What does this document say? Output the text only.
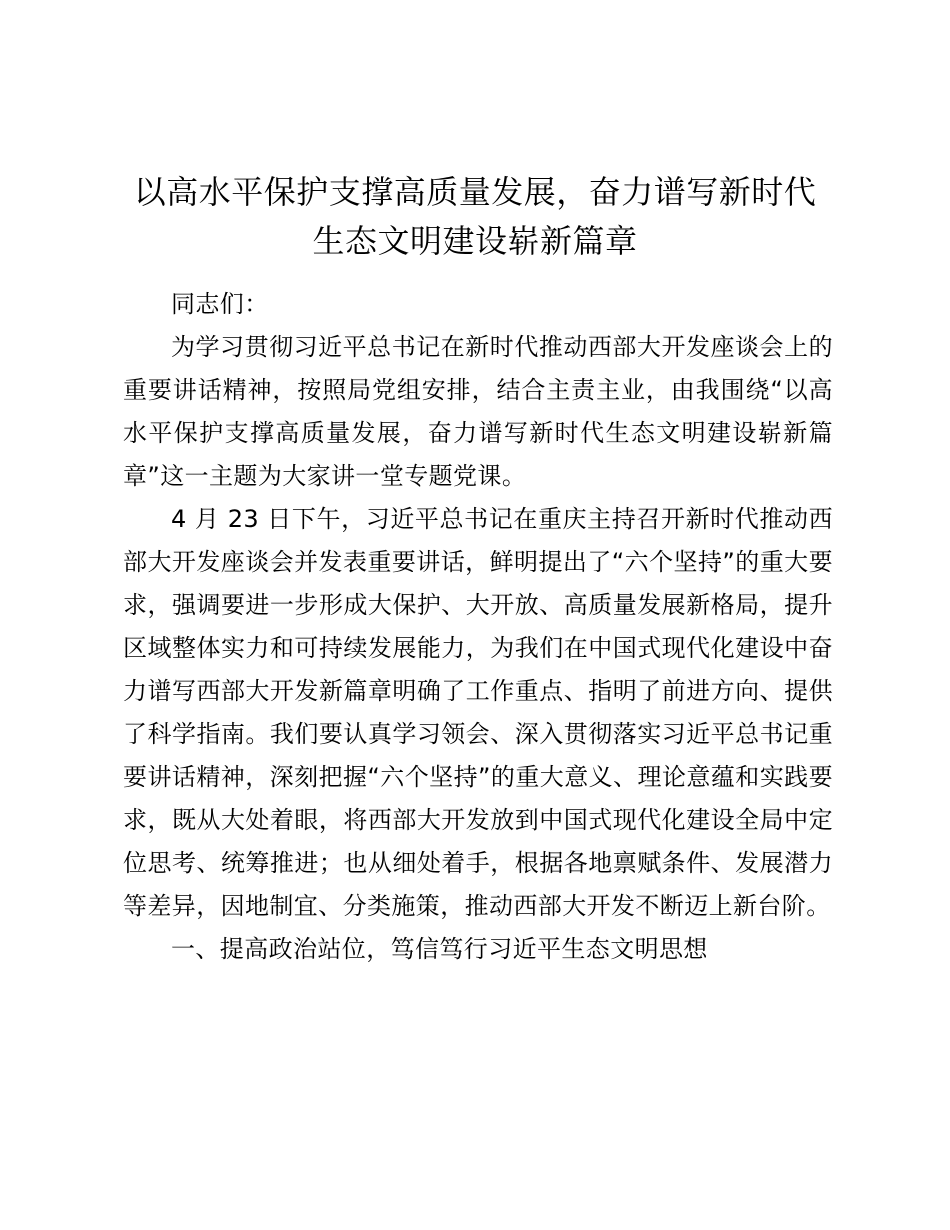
以高水平保护支撑高质量发展，奋力谱写新时代生态文明建设崭新篇章

同志们：

为学习贯彻习近平总书记在新时代推动西部大开发座谈会上的重要讲话精神，按照局党组安排，结合主责主业，由我围绕“以高水平保护支撑高质量发展，奋力谱写新时代生态文明建设崭新篇章”这一主题为大家讲一堂专题党课。

4 月 23 日下午，习近平总书记在重庆主持召开新时代推动西部大开发座谈会并发表重要讲话，鲜明提出了“六个坚持”的重大要求，强调要进一步形成大保护、大开放、高质量发展新格局，提升区域整体实力和可持续发展能力，为我们在中国式现代化建设中奋力谱写西部大开发新篇章明确了工作重点、指明了前进方向、提供了科学指南。我们要认真学习领会、深入贯彻落实习近平总书记重要讲话精神，深刻把握“六个坚持”的重大意义、理论意蕴和实践要求，既从大处着眼，将西部大开发放到中国式现代化建设全局中定位思考、统筹推进；也从细处着手，根据各地禀赋条件、发展潜力等差异，因地制宜、分类施策，推动西部大开发不断迈上新台阶。

一、提高政治站位，笃信笃行习近平生态文明思想
